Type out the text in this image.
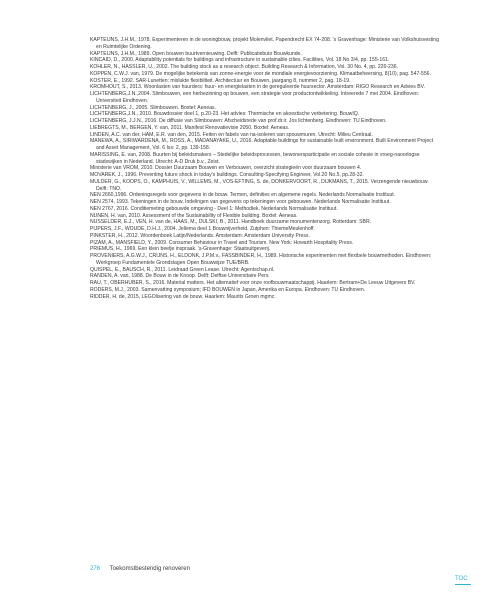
KAPTEIJNS, J.H.M., 1978. Experimenteren in de woningbouw, projekt Molenvliet, Papendrecht EX 74-208. 's Gravenhage: Ministerie van Volkshuisvesting en Ruimtelijke Ordening.
KAPTEIJNS, J.H.M., 1989. Open bouwen buurtvernieuwing. Delft: Publicatiebuto Bouwkunde.
KINCAID, D., 2000. Adaptability potentials for buildings and infrastructure in sustainable cities. Facilities, Vol. 18 No 3/4, pp. 155-161.
KOHLER, N., HASSLER, U., 2002. The building stock as a research object. Building Research & Information, Vol. 30 No. 4, pp. 226-236.
KOPPEN, C.W.J. van, 1979. De mogelijke betekenis van zonne-energie voor de mondiale energievoorziening. Klimaatbeheersing, 8(10), pag. 547-556.
KOSTER, E., 1992. SAR-Lunetten: mislukte flexibiliteit. Architectuur en Bouwen, jaargang 8, nummer 2, pag. 18-19.
KROMHOUT, S., 2013. Woonlasten van huurders: huur- en energielasten in de gereguleerde huursector. Amsterdam: RIGO Research en Advies BV.
LICHTENBERG,J.N.,2004. Slimbouwen, een herbezinning op bouwen, een strategie voor productontwikkeling. Intreerede 7 mei 2004. Eindhoven: Universiteit Eindhoven.
LICHTENBERG, J., 2005. Slimbouwen. Boxtel: Aeneas.
LICHTENBERG,J.N., 2010. Bouwdossier deel 1, p.20-23. Het advies: Thermische en akoestische verbetering. BouwIQ.
LICHTENBERG, J.J.N., 2016. De diffusie van Slimbouwen: Afscheidsrede van prof.dr.ir. Jos lichtenberg. Eindhoven: TU Eindhoven.
LIEBREGTS, M., BERGEN, Y. van, 2011. Manifest Renovatievisie 2050. Boxtel: Aeneas.
LINDEN, A.C. van der, HAM, E.R. van den, 2015. Feiten en fabels van na-isoleren van spouwmuren. Utrecht: Milieu Centraal.
MANEWA, A., SIRIWARDENA, M., ROSS, A., MADANAYAKE, U., 2016. Adaptable buildings for sustainable built environment. Built Environment Project and Asset Management, Vol. 6 Iss: 2, pp. 139-158.
MARISSING, E. van, 2008. Buurten bij beleidsmakers – Stedelijke beleidsprocessen, bewonersparticipatie en sociale cohesie in vroeg-naoorlogse stadswijken in Nederland. Utrecht: A-D Druk b.v., Zeist.
Ministerie van VROM, 2010. Dossier Duurzaam Bouwen en Verbouwen, overzicht strategieën voor duurzaam bouwen 4.
MOVAREK, J., 1996. Preventing future shock in today's buildings. Consulting-Specifying Engineer, Vol.20 No.5, pp.28-32.
MULDER, G., KOOPS, O., KAMPHUIS, V., WILLEMS, M., VOS-EFTING, S. de, DONKERVOORT, R., DIJKMANS, T., 2015. Verzengende nieuwbouw. Delft: TNO.
NEN 2660,1996. Ordeningsregels voor gegevens in de bouw. Termen, definities en algemene regels. Nederlands Normalisatie Instituut.
NEN 2574, 1993. Tekeningen in de bouw, Indelingen van gegevens op tekeningen voor gebouwen. Nederlands Normalisatie Instituut.
NEN 2767, 2016. Conditiemeting gebouwde omgeving - Deel 1: Methodiek. Nederlands Normalisatie Instituut.
NUNEN, H. van, 2010. Assessment of the Sustainability of Flexible building. Boxtel: Aeneas.
NUSSELDER, E.J., VEN, H. van de, HAAS, M., DULSKI, B., 2011. Handboek duurzame monumentenzorg. Rotterdam: SBR.
PIJPERS, J.F., WOUDE, D.H.J., 2004. Jellema deel 1 Bouwnijverheid. Zutphen: ThiemeMeulenhoff.
PINKSTER, H., 2012. Woordenboek Latijn/Nederlands. Amsterdam: Amsterdam University Press.
PIZAM, A., MANSFIELD, Y., 2009. Consumer Behaviour in Travel and Tourism. New York: Howarth Hospitality Press.
PRIEMUS, H., 1969. Een klein beetje inspraak. 's-Gravenhage: Staatsuitgeverij.
PROVENIERS, A.G.W.J., CRIJNS, H., ELDONK, J.P.M.v., FASSBINDER, H., 1989. Historische experimenten met flexibele bouwmethoden. Eindhoven: Werkgroep Fundamentele Grondslagen Open Bouwwijze TUE/BRB.
QUISPEL, E., BAUSCH, R., 2011. Leidraad Green Lease. Utrecht: Agentschap.nl.
RANDEN, A. van, 1988. De Bouw in de Knoop. Delft: Delftse Universitaire Pers.
RAU, T., OBERHUBER, S., 2016. Material matters. Het alternatief voor onze roofbouwmaatschappij. Haarlem: Bertram+De Leeuw Uitgevers BV.
RODERS, M.J., 2003. Samenvatting symposium; IFD BOUWEN in Japan, Amerika en Europa. Eindhoven: TU Eindhoven.
RIDDER, H. de, 2015, LEGOlisering van de bouw. Haarlem: Maurits Groen mgmc.
276 Toekomstbestendig renoveren
TOC
